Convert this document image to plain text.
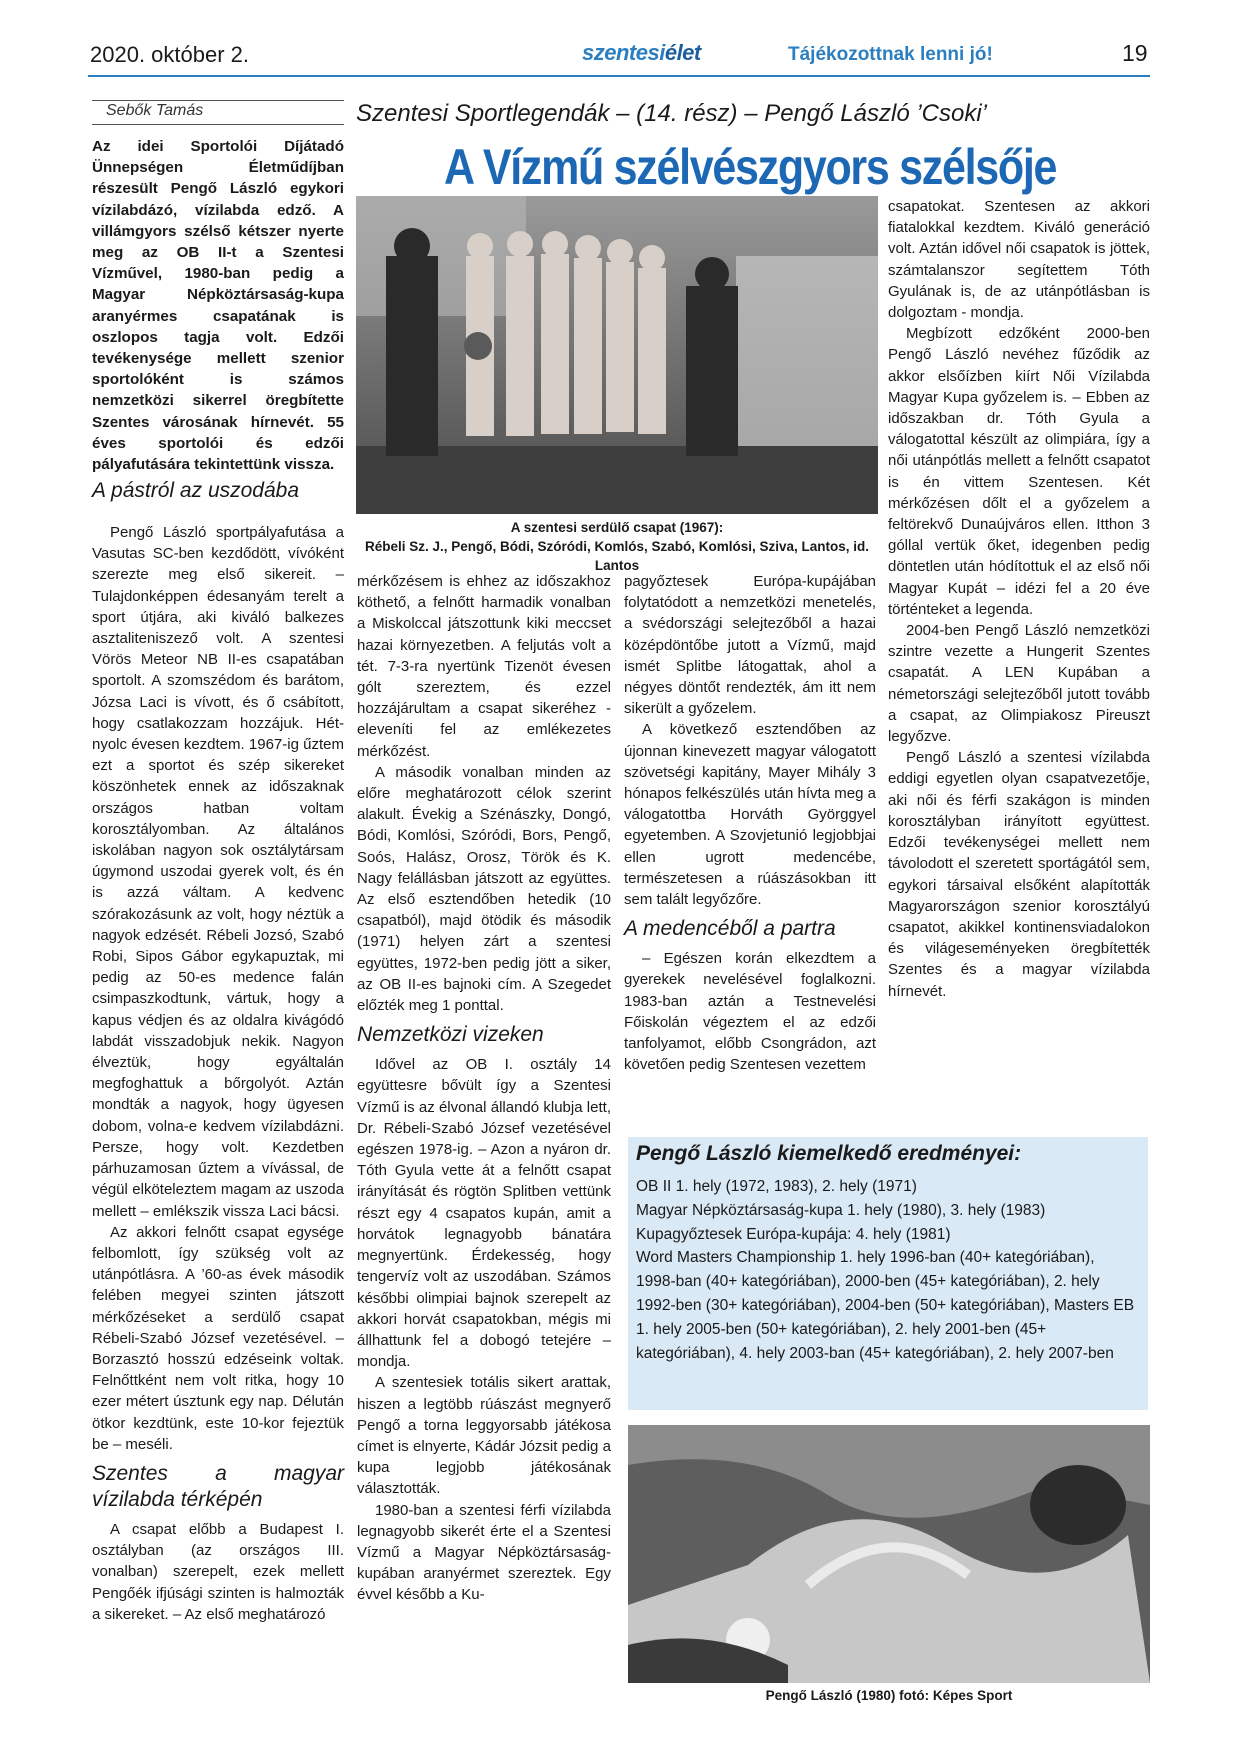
2020. október 2.	szentesiélet	Tájékozottnak lenni jó!	19
Sebők Tamás
Az idei Sportolói Díjátadó Ünnepségen Életműdíjban részesült Pengő László egykori vízilabdázó, vízilabda edző. A villámgyors szélső kétszer nyerte meg az OB II-t a Szentesi Vízművel, 1980-ban pedig a Magyar Népköztársaság-kupa aranyérmes csapatának is oszlopos tagja volt. Edzői tevékenysége mellett szenior sportolóként is számos nemzetközi sikerrel öregbítette Szentes városának hírnevét. 55 éves sportolói és edzői pályafutására tekintettünk vissza.
Szentesi Sportlegendák – (14. rész) – Pengő László ’Csoki’
A Vízmű szélvészgyors szélsője
A pástról az uszodába

Pengő László sportpályafutása a Vasutas SC-ben kezdődött, vívóként szerezte meg első sikereit. – Tulajdonképpen édesanyám terelt a sport útjára, aki kiváló balkezes asztaliteniszező volt. A szentesi Vörös Meteor NB II-es csapatában sportolt. A szomszédom és barátom, Józsa Laci is vívott, és ő csábított, hogy csatlakozzam hozzájuk. Hét-nyolc évesen kezdtem. 1967-ig űztem ezt a sportot és szép sikereket köszönhetek ennek az időszaknak országos hatban voltam korosztályomban. Az általános iskolában nagyon sok osztálytársam úgymond uszodai gyerek volt, és én is azzá váltam. A kedvenc szórakozásunk az volt, hogy néztük a nagyok edzését. Rébeli Jozsó, Szabó Robi, Sipos Gábor egykapuztak, mi pedig az 50-es medence falán csimpaszkodtunk, vártuk, hogy a kapus védjen és az oldalra kivágódó labdát visszadobjuk nekik. Nagyon élveztük, hogy egyáltalán megfoghattuk a bőrgolyót. Aztán mondták a nagyok, hogy ügyesen dobom, volna-e kedvem vízilabdázni. Persze, hogy volt. Kezdetben párhuzamosan űztem a vívással, de végül elköteleztem magam az uszoda mellett – emlékszik vissza Laci bácsi.

Az akkori felnőtt csapat egysége felbomlott, így szükség volt az utánpótlásra. A ’60-as évek második felében megyei szinten játszott mérkőzéseket a serdülő csapat Rébeli-Szabó József vezetésével. – Borzasztó hosszú edzéseink voltak. Felnőttként nem volt ritka, hogy 10 ezer métert úsztunk egy nap. Délután ötkor kezdtünk, este 10-kor fejeztük be – meséli.

Szentes a magyar vízilabda térképén

A csapat előbb a Budapest I. osztályban (az országos III. vonalban) szerepelt, ezek mellett Pengőék ifjúsági szinten is halmozták a sikereket. – Az első meghatározó

A szentesi serdülő csapat (1967):
Rébeli Sz. J., Pengő, Bódi, Szóródi, Komlós, Szabó, Komlósi, Sziva, Lantos, id. Lantos

mérkőzésem is ehhez az időszakhoz köthető, a felnőtt harmadik vonalban a Miskolccal játszottunk kiki meccset hazai környezetben. A feljutás volt a tét. 7-3-ra nyertünk Tizenöt évesen gólt szereztem, és ezzel hozzájárultam a csapat sikeréhez - eleveníti fel az emlékezetes mérkőzést.

A második vonalban minden az előre meghatározott célok szerint alakult. Évekig a Szénászky, Dongó, Bódi, Komlósi, Szóródi, Bors, Pengő, Soós, Halász, Orosz, Török és K. Nagy felállásban játszott az együttes. Az első esztendőben hetedik (10 csapatból), majd ötödik és második (1971) helyen zárt a szentesi együttes, 1972-ben pedig jött a siker, az OB II-es bajnoki cím. A Szegedet előzték meg 1 ponttal.

Nemzetközi vizeken

Idővel az OB I. osztály 14 együttesre bővült így a Szentesi Vízmű is az élvonal állandó klubja lett, Dr. Rébeli-Szabó József vezetésével egészen 1978-ig. – Azon a nyáron dr. Tóth Gyula vette át a felnőtt csapat irányítását és rögtön Splitben vettünk részt egy 4 csapatos kupán, amit a horvátok legnagyobb bánatára megnyertünk. Érdekesség, hogy tengervíz volt az uszodában. Számos későbbi olimpiai bajnok szerepelt az akkori horvát csapatokban, mégis mi állhattunk fel a dobogó tetejére – mondja.

A szentesiek totális sikert arattak, hiszen a legtöbb rúászást megnyerő Pengő a torna leggyorsabb játékosa címet is elnyerte, Kádár Józsit pedig a kupa legjobb játékosának választották.

1980-ban a szentesi férfi vízilabda legnagyobb sikerét érte el a Szentesi Vízmű a Magyar Népköztársaság-kupában aranyérmet szereztek. Egy évvel később a Ku-

pagyőztesek Európa-kupájában folytatódott a nemzetközi menetelés, a svédországi selejtezőből a hazai középdöntőbe jutott a Vízmű, majd ismét Splitbe látogattak, ahol a négyes döntőt rendezték, ám itt nem sikerült a győzelem.

A következő esztendőben az újonnan kinevezett magyar válogatott szövetségi kapitány, Mayer Mihály 3 hónapos felkészülés után hívta meg a válogatottba Horváth Györggyel egyetemben. A Szovjetunió legjobbjai ellen ugrott medencébe, természetesen a rúászásokban itt sem talált legyőzőre.

A medencéből a partra

– Egészen korán elkezdtem a gyerekek nevelésével foglalkozni. 1983-ban aztán a Testnevelési Főiskolán végeztem el az edzői tanfolyamot, előbb Csongrádon, azt követően pedig Szentesen vezettem

csapatokat. Szentesen az akkori fiatalokkal kezdtem. Kiváló generáció volt. Aztán idővel női csapatok is jöttek, számtalanszor segítettem Tóth Gyulának is, de az utánpótlásban is dolgoztam - mondja.

Megbízott edzőként 2000-ben Pengő László nevéhez fűződik az akkor elsőízben kiírt Női Vízilabda Magyar Kupa győzelem is. – Ebben az időszakban dr. Tóth Gyula a válogatottal készült az olimpiára, így a női utánpótlás mellett a felnőtt csapatot is én vittem Szentesen. Két mérkőzésen dőlt el a győzelem a feltörekvő Dunaújváros ellen. Itthon 3 góllal vertük őket, idegenben pedig döntetlen után hódítottuk el az első női Magyar Kupát – idézi fel a 20 éve történteket a legenda.

2004-ben Pengő László nemzetközi szintre vezette a Hungerit Szentes csapatát. A LEN Kupában a németországi selejtezőből jutott tovább a csapat, az Olimpiakosz Pireuszt legyőzve.

Pengő László a szentesi vízilabda eddigi egyetlen olyan csapatvezetője, aki női és férfi szakágon is minden korosztályban irányított együttest. Edzői tevékenységei mellett nem távolodott el szeretett sportágától sem, egykori társaival elsőként alapították Magyarországon szenior korosztályú csapatot, akikkel kontinensviadalokon és világeseményeken öregbítették Szentes és a magyar vízilabda hírnevét.

Pengő László kiemelkedő eredményei:
OB II 1. hely (1972, 1983), 2. hely (1971)
Magyar Népköztársaság-kupa 1. hely (1980), 3. hely (1983)
Kupagyőztesek Európa-kupája: 4. hely (1981)
Word Masters Championship 1. hely 1996-ban (40+ kategóriában), 1998-ban (40+ kategóriában), 2000-ben (45+ kategóriában), 2. hely 1992-ben (30+ kategóriában), 2004-ben (50+ kategóriában), Masters EB 1. hely 2005-ben (50+ kategóriában), 2. hely 2001-ben (45+ kategóriában), 4. hely 2003-ban (45+ kategóriában), 2. hely 2007-ben
Pengő László (1980) fotó: Képes Sport
